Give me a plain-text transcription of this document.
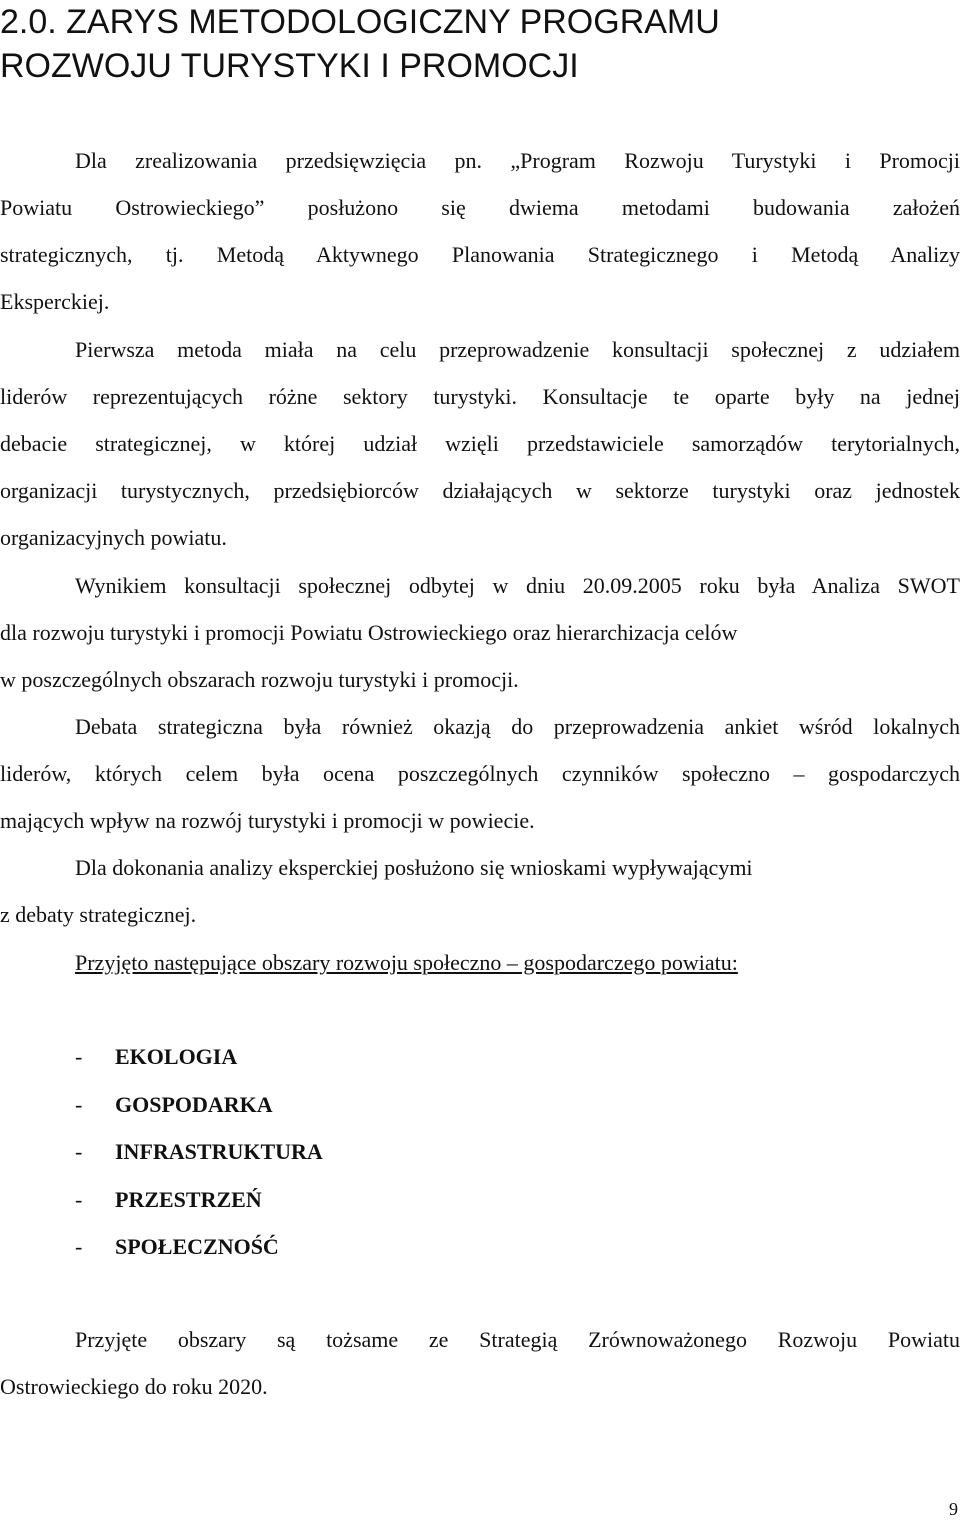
2.0. ZARYS METODOLOGICZNY PROGRAMU
ROZWOJU TURYSTYKI I PROMOCJI

Dla zrealizowania przedsięwzięcia pn. „Program Rozwoju Turystyki i Promocji
Powiatu Ostrowieckiego” posłużono się dwiema metodami budowania założeń
strategicznych, tj. Metodą Aktywnego Planowania Strategicznego i Metodą Analizy
Eksperckiej.

Pierwsza metoda miała na celu przeprowadzenie konsultacji społecznej z udziałem
liderów reprezentujących różne sektory turystyki. Konsultacje te oparte były na jednej
debacie strategicznej, w której udział wzięli przedstawiciele samorządów terytorialnych,
organizacji turystycznych, przedsiębiorców działających w sektorze turystyki oraz jednostek
organizacyjnych powiatu.

Wynikiem konsultacji społecznej odbytej w dniu 20.09.2005 roku była Analiza SWOT
dla rozwoju turystyki i promocji Powiatu Ostrowieckiego oraz hierarchizacja celów
w poszczególnych obszarach rozwoju turystyki i promocji.

Debata strategiczna była również okazją do przeprowadzenia ankiet wśród lokalnych
liderów, których celem była ocena poszczególnych czynników społeczno – gospodarczych
mających wpływ na rozwój turystyki i promocji w powiecie.

Dla dokonania analizy eksperckiej posłużono się wnioskami wypływającymi
z debaty strategicznej.

Przyjęto następujące obszary rozwoju społeczno – gospodarczego powiatu:

- EKOLOGIA
- GOSPODARKA
- INFRASTRUKTURA
- PRZESTRZEŃ
- SPOŁECZNOŚĆ

Przyjęte obszary są tożsame ze Strategią Zrównoważonego Rozwoju Powiatu
Ostrowieckiego do roku 2020.

9
